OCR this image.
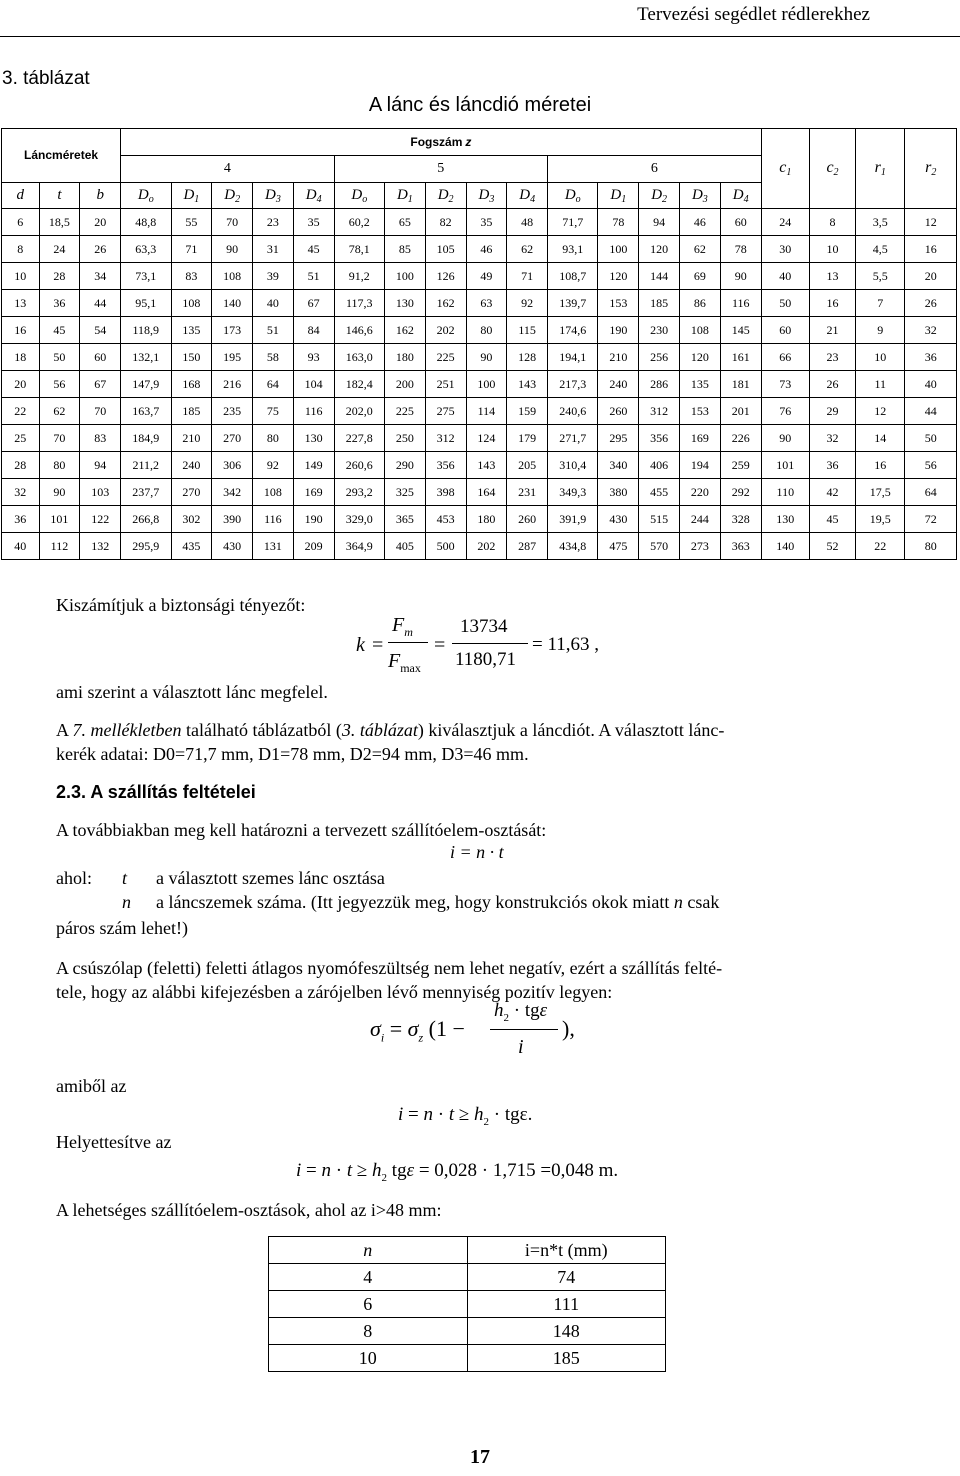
Tervezési segédlet rédlerekhez
3. táblázat
A lánc és láncdió méretei
Láncméretek			Fogszám z															$c_1$	$c_2$	$r_1$	$r_2$
			4					5					6								
d	t	b	$D_o$	$D_1$	$D_2$	$D_3$	$D_4$	$D_o$	$D_1$	$D_2$	$D_3$	$D_4$	$D_o$	$D_1$	$D_2$	$D_3$	$D_4$
6	18,5	20	48,8	55	70	23	35	60,2	65	82	35	48	71,7	78	94	46	60	24	8	3,5	12
8	24	26	63,3	71	90	31	45	78,1	85	105	46	62	93,1	100	120	62	78	30	10	4,5	16
10	28	34	73,1	83	108	39	51	91,2	100	126	49	71	108,7	120	144	69	90	40	13	5,5	20
13	36	44	95,1	108	140	40	67	117,3	130	162	63	92	139,7	153	185	86	116	50	16	7	26
16	45	54	118,9	135	173	51	84	146,6	162	202	80	115	174,6	190	230	108	145	60	21	9	32
18	50	60	132,1	150	195	58	93	163,0	180	225	90	128	194,1	210	256	120	161	66	23	10	36
20	56	67	147,9	168	216	64	104	182,4	200	251	100	143	217,3	240	286	135	181	73	26	11	40
22	62	70	163,7	185	235	75	116	202,0	225	275	114	159	240,6	260	312	153	201	76	29	12	44
25	70	83	184,9	210	270	80	130	227,8	250	312	124	179	271,7	295	356	169	226	90	32	14	50
28	80	94	211,2	240	306	92	149	260,6	290	356	143	205	310,4	340	406	194	259	101	36	16	56
32	90	103	237,7	270	342	108	169	293,2	325	398	164	231	349,3	380	455	220	292	110	42	17,5	64
36	101	122	266,8	302	390	116	190	329,0	365	453	180	260	391,9	430	515	244	328	130	45	19,5	72
40	112	132	295,9	435	430	131	209	364,9	405	500	202	287	434,8	475	570	273	363	140	52	22	80
Kiszámítjuk a biztonsági tényezőt:
k =
$F_m$
$F_{max}$
=
13734
1180,71
= 11,63 ,
ami szerint a választott lánc megfelel.
A 7. mellékletben található táblázatból (3. táblázat) kiválasztjuk a láncdiót. A választott lánc-
kerék adatai: D0=71,7 mm, D1=78 mm, D2=94 mm, D3=46 mm.
2.3. A szállítás feltételei
A továbbiakban meg kell határozni a tervezett szállítóelem-osztását:
i = n · t
ahol: t a választott szemes lánc osztása
n a láncszemek száma. (Itt jegyezzük meg, hogy konstrukciós okok miatt n csak
páros szám lehet!)
A csúszólap (feletti) feletti átlagos nyomófeszültség nem lehet negatív, ezért a szállítás felté-
tele, hogy az alábbi kifejezésben a zárójelben lévő mennyiség pozitív legyen:
$\sigma_i = \sigma_z$ (1 −
$h_2 \cdot tg\varepsilon$
i
),
amiből az
$i = n \cdot t \ge h_2 \cdot tg\varepsilon$.
Helyettesítve az
$i = n \cdot t \ge h_2$ tgε = 0,028 · 1,715 =0,048 m.
A lehetséges szállítóelem-osztások, ahol az i>48 mm:
n	i=n*t (mm)
4	74
6	111
8	148
10	185
17
